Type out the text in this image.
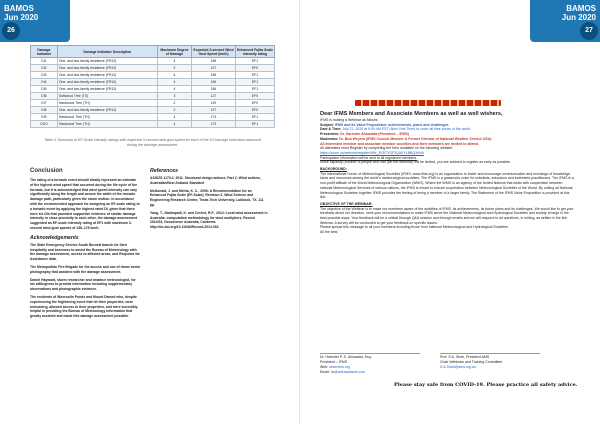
BAMOS
Jun 2020
26
BAMOS
Jun 2020
27
Damage Indicator	Damage Indicator Description	Maximum Degree of Damage	Expected 3-second Wind Gust Speed (km/h)	Enhanced Fujita Scale intensity rating
DI1	One- and two-family residence (FR12)	4	156	EF1
DI2	One- and two-family residence (FR12)	2	127	EF0
DI3	One- and two-family residence (FR12)	4	156	EF1
DI4	One- and two-family residence (FR12)	4	156	EF1
DI5	One- and two-family residence (FR12)	4	156	EF1
DI6	Softwood Tree (TS)	3	127	EF0
DI7	Hardwood Tree (TH)	2	119	EF0
DI8	One- and two-family residence (FR12)	2	127	EF0
DI9	Hardwood Tree (TH)	4	173	EF1
DI10	Hardwood Tree (TH)	4	173	EF1
Table 3: Summary of EF-Scale intensity ratings with expected 3-second wind gust speed for each of the 10 Damage Indicators assessed during the damage assessment.
Conclusion
The rating of a tornado event should ideally represent an estimate of the highest wind speed that occurred during the life cycle of the tornado, but it is acknowledged that wind speed intensity can vary significantly along the length and across the width of the tornado damage path, particularly given the storm motion. In accordance with the recommended approach for assigning an EF-scale rating to a tornado event by applying the highest rated DI, given that there were six DIs that provided supportive evidence of similar damage intensity in close proximity to each other, the damage assessment suggested an EF-scale intensity rating of EF1 with maximum 3-second wind gust speeds of 138–178 km/h.
Acknowledgements
The State Emergency Service South Burnett branch for their hospitality and keenness to assist the Bureau of Meteorology with the damage assessment, access to affected areas, and Requests for Assistance data.
The Metropolitan Fire Brigade for the access and use of drone aerial photography that assisted with the damage assessment.
Daniel Hayward, storm researcher and amateur meteorologist, for his willingness to provide information including supplementary observations and photographic evidence.
The residents of Wooroolin Ponds and Mount Damed who, despite experiencing the frightening event that hit their properties, were welcoming, allowed access to their properties, and were incredibly helpful in providing the Bureau of Meteorology information that greatly assisted and made this damage assessment possible.
References
AS/NZS 1170.2, 2011. Structural design actions. Part 2: Wind actions, Australian/New Zealand Standard
McDonald, J. and Mehta, K. C., 2006: A Recommendation for an Enhanced Fujita Scale (EF-Scale), Revision 2. Wind Science and Engineering Research Center, Texas Tech University, Lubbock, TX. 111 pp.
Yang, T., Nadimpalli, K. and Cechet, R.P., 2014: Local wind assessment in Australia: computation methodology for wind multipliers. Record 2014/33, Geoscience Australia, Canberra. http://dx.doi.org/10.11636/Record.2014.033.
Dear IFMS Members and Associate Members as well as well wishers,
IFMS is hosting a Webinar as follows:
Subject: IFMS and its Value Proposition: achievements, plans and challenges
Date & Time: July 21, 2020 at 9:00 AM EST (New York Time) to cover all time zones of the world.
Presenters: Dr. Harinder Ahluwalia (President – IFMS)
Moderator: Dr. Bob Weyers (IFMS Council Member & Former Director of National Weather Service USA)
All interested member and associate member societies and their members are invited to attend.
All attendees must Register by completing the form available on the following website:
https://zoom.us/webinar/register/WN_2KBTYDF3QAKYLBBQ3hNA
Participation information will be sent to all registered members.
Since capacity (number of people who can join the Webinar) will be limited, you are advised to register as early as possible.
BACKGROUND:
The International Forum of Meteorological Societies (IFMS; www.ifms.org) is an organization to foster and encourage communication and exchange of knowledge, ideas and resources among the world's meteorological societies. The IFMS is a grassroots voice for scientists, educators and interested practitioners. The IFMS is a non-profit affiliate of the World Meteorological Organization (WMO). Where the WMO is an agency of the United Nations that deals with cooperation between national Meteorological Services of various nations, the IFMS is meant to ensure cooperation between Meteorological Societies of the World. By uniting all National Meteorological Societies together IFMS provides the feeling of being a member of a larger family. The Statement of the IFMS Value Proposition is provided at this link.
OBJECTIVE OF THE WEBINAR:
The objective of the Webinar is to make our members aware of the activities of IFMS, its achievements, its future plans and its challenges. We would like to get your feedback about our direction, seek your recommendations to make IFMS serve the National Meteorological and Hydrological Societies and society at large in the best possible ways. Your feedback will be a critical through Q&A session and through emails and we will respond to all questions, in writing, as written in the link Webinar. A survey will be conducted to get your feedback on specific issues.
Please spread this message to all your members including those from National Meteorological and Hydrological Societies.
All the best,
Dr. Harinder P. S. Ahluwalia, Esq.
President – IFMS
Web: www.ifms.org
Email: hs@ahluwalianet.com
Prof. S.A. Shah, President AMS
Chair Webinars and Training Committee
S.A.Shah@ams.org.au
Please stay safe from COVID-19. Please practice all safety advice.
